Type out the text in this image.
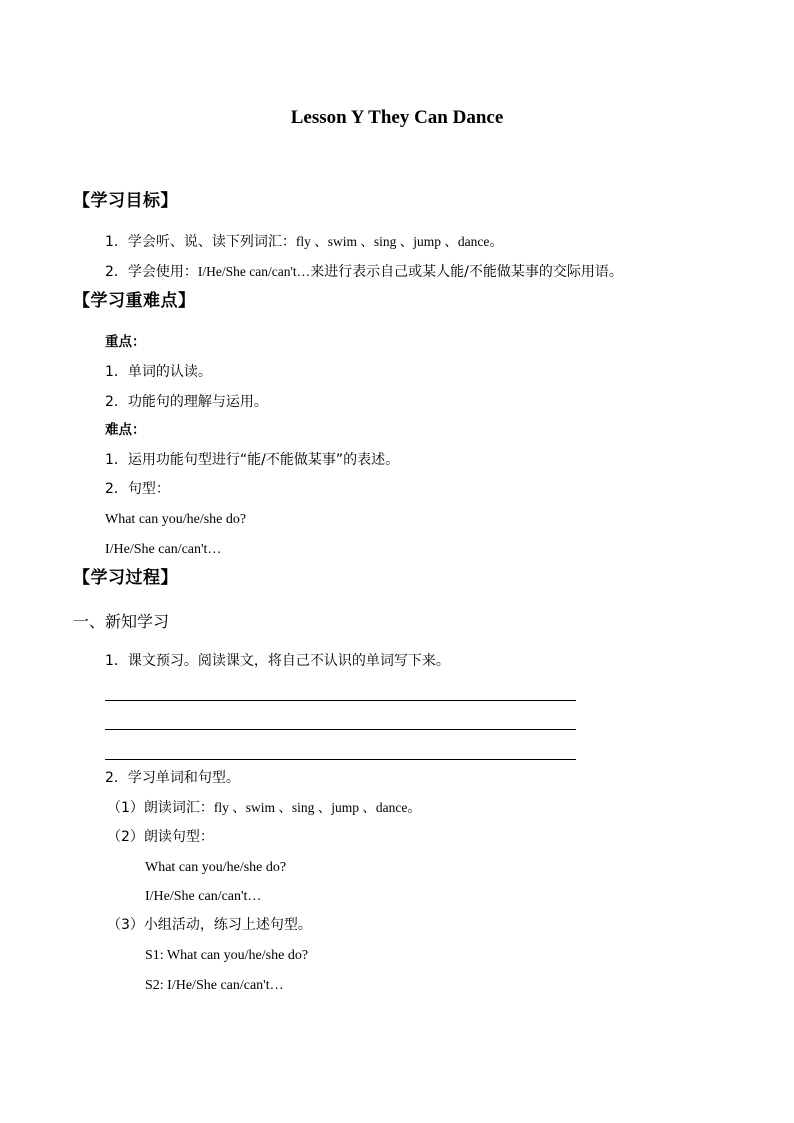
Lesson Y They Can Dance
【学习目标】
1．学会听、说、读下列词汇：fly 、swim 、sing 、jump 、dance。
2．学会使用：I/He/She can/can't…来进行表示自己或某人能/不能做某事的交际用语。
【学习重难点】
重点：
1．单词的认读。
2．功能句的理解与运用。
难点：
1．运用功能句型进行“能/不能做某事”的表述。
2．句型：
What can you/he/she do?
I/He/She can/can't…
【学习过程】
一、新知学习
1．课文预习。阅读课文，将自己不认识的单词写下来。
2．学习单词和句型。
（1）朗读词汇：fly 、swim 、sing 、jump 、dance。
（2）朗读句型：
What can you/he/she do?
I/He/She can/can't…
（3）小组活动，练习上述句型。
S1: What can you/he/she do?
S2: I/He/She can/can't…
